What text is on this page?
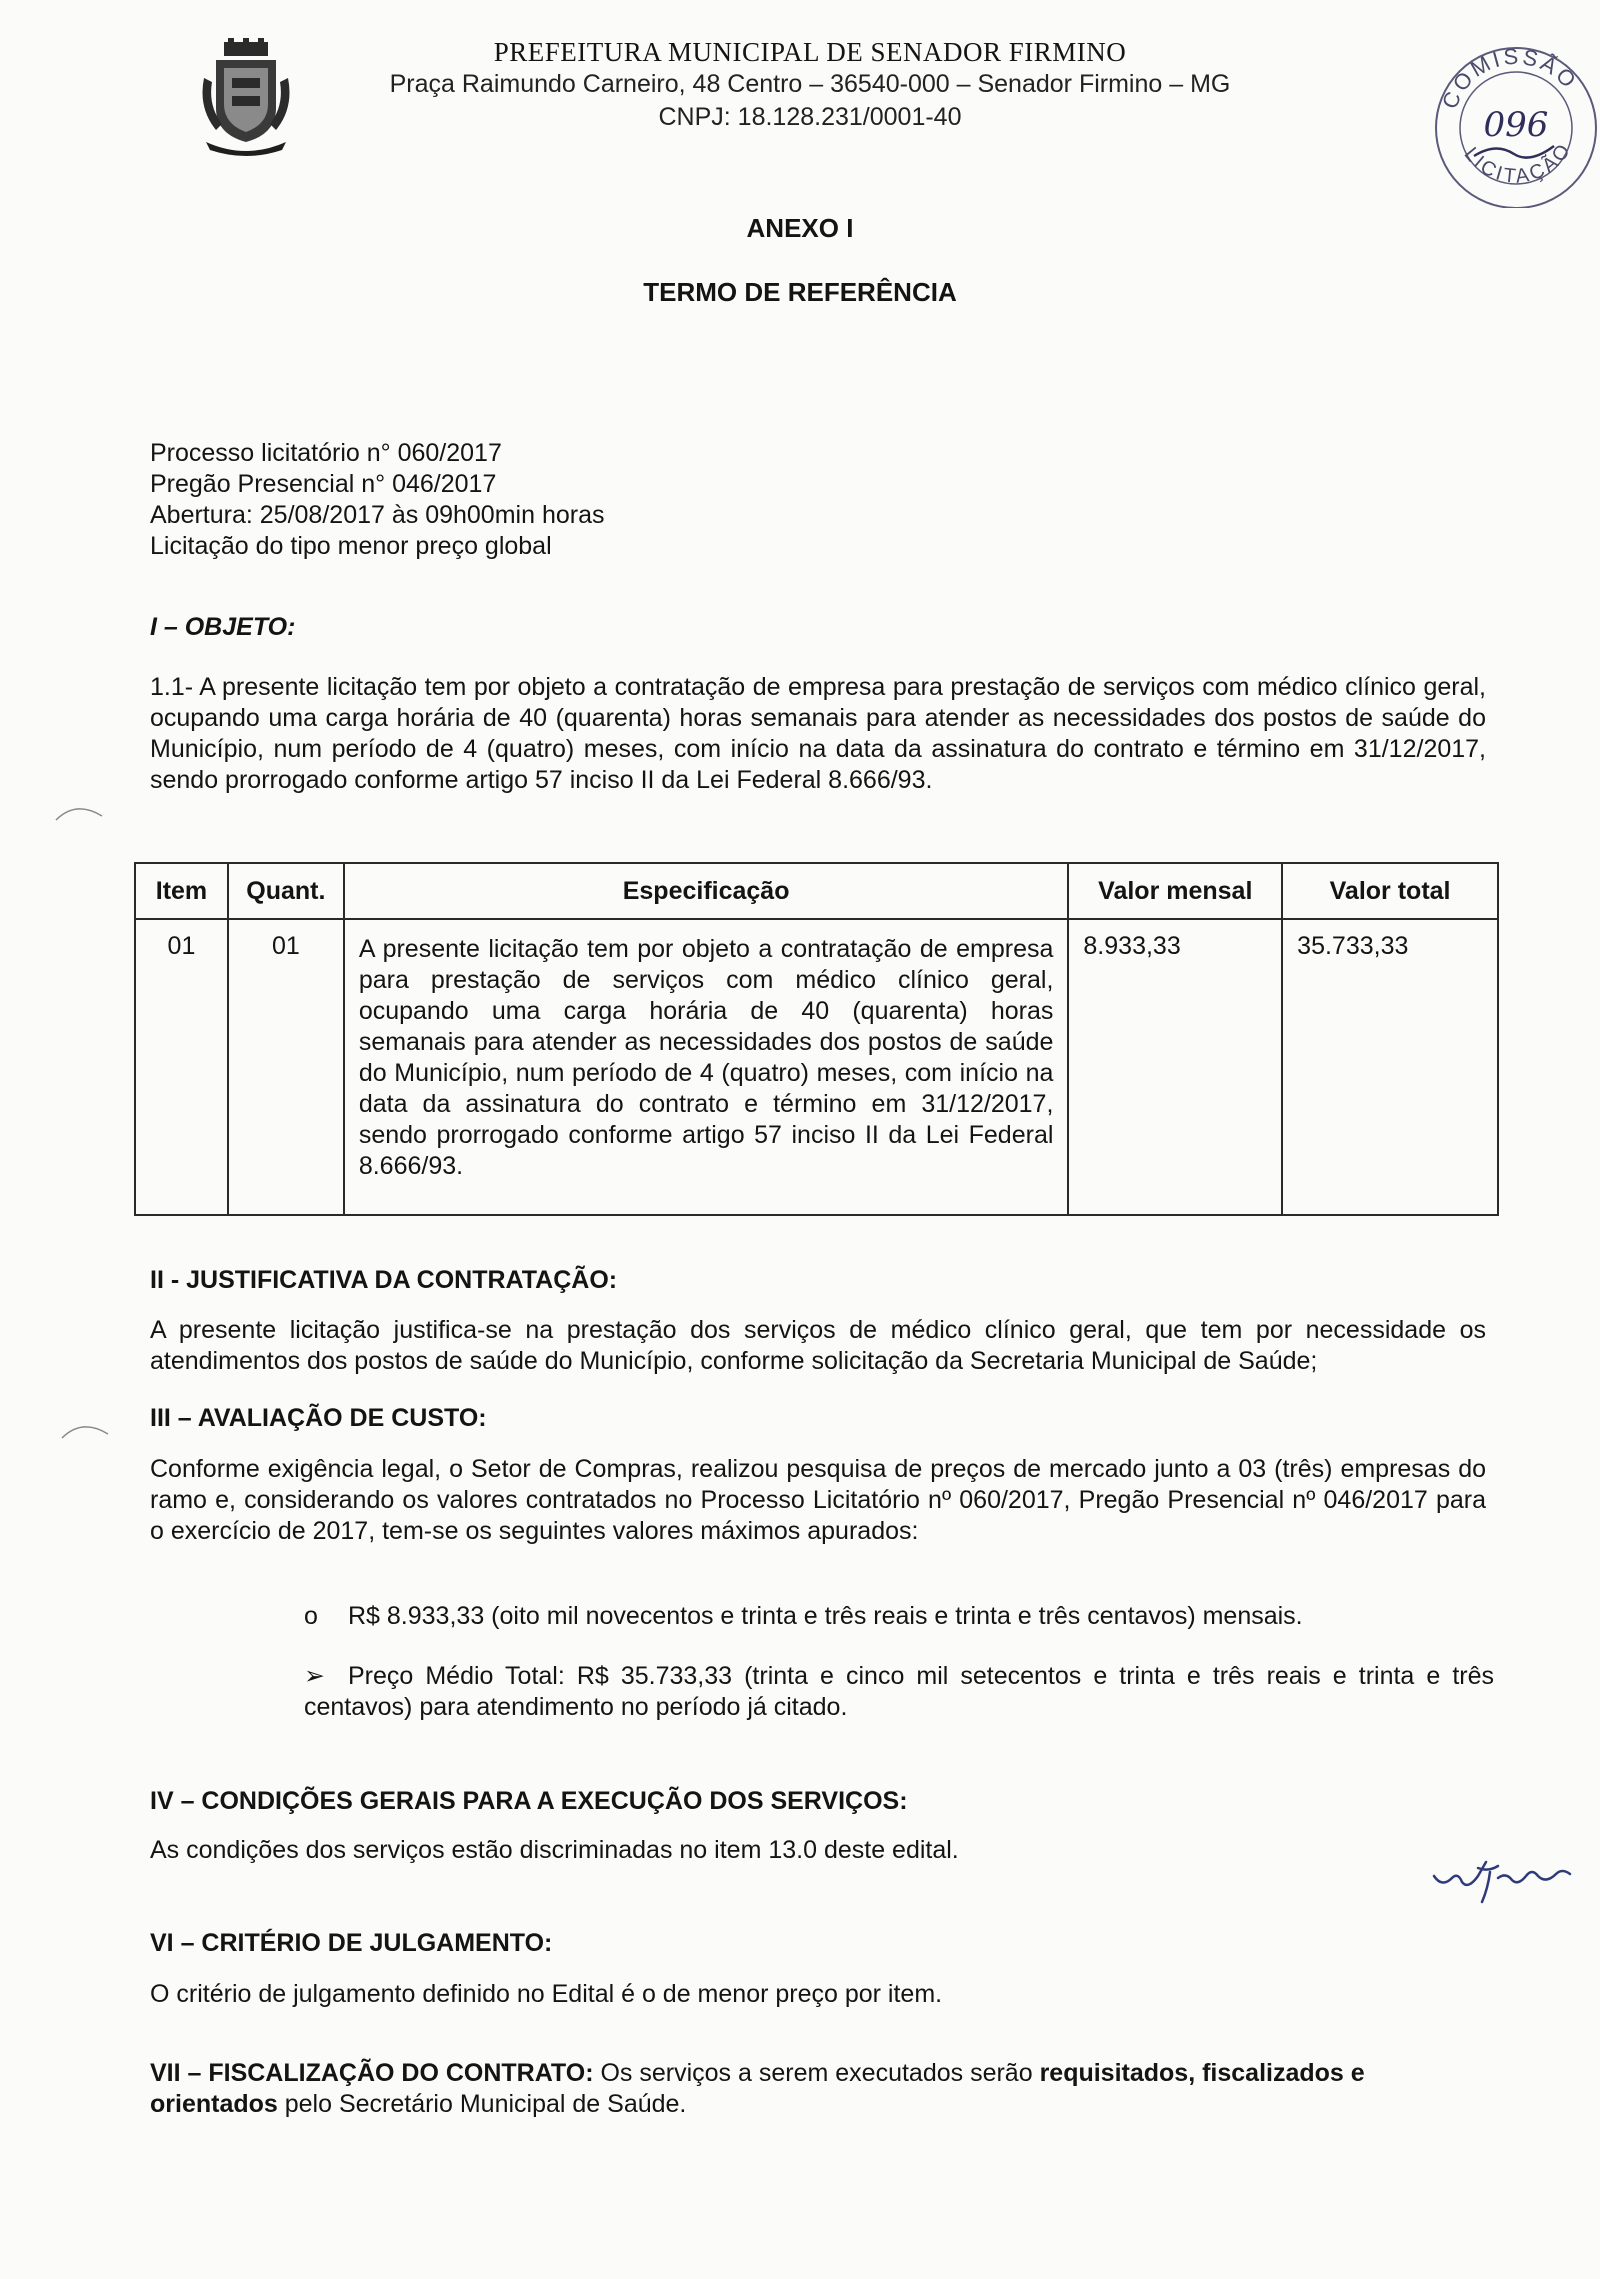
PREFEITURA MUNICIPAL DE SENADOR FIRMINO
Praça Raimundo Carneiro, 48 Centro – 36540-000 – Senador Firmino – MG
CNPJ: 18.128.231/0001-40
COMISSÃO
LICITAÇÃO
096
ANEXO I
TERMO DE REFERÊNCIA
Processo licitatório n° 060/2017
Pregão Presencial n° 046/2017
Abertura: 25/08/2017 às 09h00min horas
Licitação do tipo menor preço global
I – OBJETO:
1.1- A presente licitação tem por objeto a contratação de empresa para prestação de serviços com médico clínico geral, ocupando uma carga horária de 40 (quarenta) horas semanais para atender as necessidades dos postos de saúde do Município, num período de 4 (quatro) meses, com início na data da assinatura do contrato e término em 31/12/2017, sendo prorrogado conforme artigo 57 inciso II da Lei Federal 8.666/93.
Item	Quant.	Especificação	Valor mensal	Valor total
01	01	A presente licitação tem por objeto a contratação de empresa para prestação de serviços com médico clínico geral, ocupando uma carga horária de 40 (quarenta) horas semanais para atender as necessidades dos postos de saúde do Município, num período de 4 (quatro) meses, com início na data da assinatura do contrato e término em 31/12/2017, sendo prorrogado conforme artigo 57 inciso II da Lei Federal 8.666/93.	8.933,33	35.733,33
II - JUSTIFICATIVA DA CONTRATAÇÃO:
A presente licitação justifica-se na prestação dos serviços de médico clínico geral, que tem por necessidade os atendimentos dos postos de saúde do Município, conforme solicitação da Secretaria Municipal de Saúde;
III – AVALIAÇÃO DE CUSTO:
Conforme exigência legal, o Setor de Compras, realizou pesquisa de preços de mercado junto a 03 (três) empresas do ramo e, considerando os valores contratados no Processo Licitatório nº 060/2017, Pregão Presencial nº 046/2017 para o exercício de 2017, tem-se os seguintes valores máximos apurados:
o R$ 8.933,33 (oito mil novecentos e trinta e três reais e trinta e três centavos) mensais.
➢ Preço Médio Total: R$ 35.733,33 (trinta e cinco mil setecentos e trinta e três reais e trinta e três centavos) para atendimento no período já citado.
IV – CONDIÇÕES GERAIS PARA A EXECUÇÃO DOS SERVIÇOS:
As condições dos serviços estão discriminadas no item 13.0 deste edital.
VI – CRITÉRIO DE JULGAMENTO:
O critério de julgamento definido no Edital é o de menor preço por item.
VII – FISCALIZAÇÃO DO CONTRATO: Os serviços a serem executados serão requisitados, fiscalizados e orientados pelo Secretário Municipal de Saúde.
